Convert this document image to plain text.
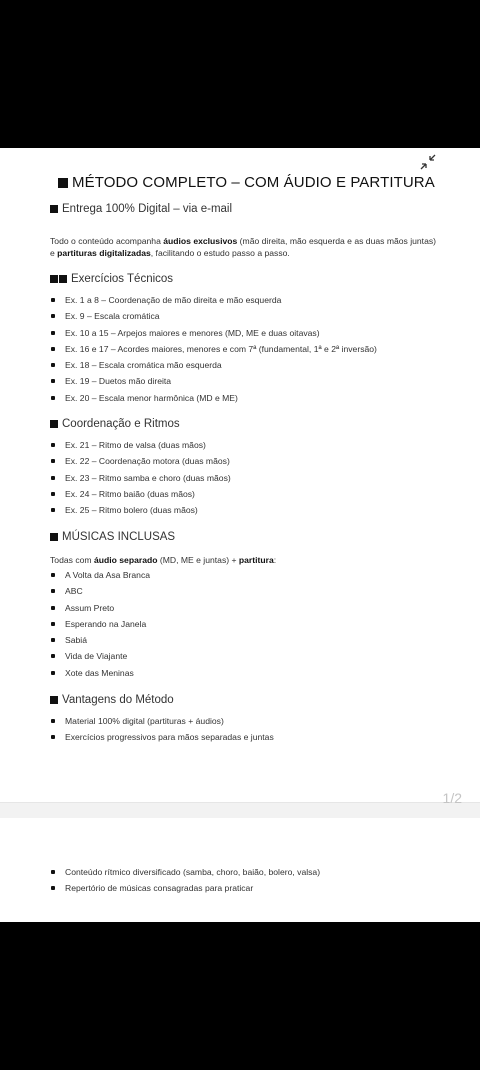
MÉTODO COMPLETO – COM ÁUDIO E PARTITURA
Entrega 100% Digital – via e-mail
Todo o conteúdo acompanha áudios exclusivos (mão direita, mão esquerda e as duas mãos juntas) e partituras digitalizadas, facilitando o estudo passo a passo.
Exercícios Técnicos
Ex. 1 a 8 – Coordenação de mão direita e mão esquerda
Ex. 9 – Escala cromática
Ex. 10 a 15 – Arpejos maiores e menores (MD, ME e duas oitavas)
Ex. 16 e 17 – Acordes maiores, menores e com 7ª (fundamental, 1ª e 2ª inversão)
Ex. 18 – Escala cromática mão esquerda
Ex. 19 – Duetos mão direita
Ex. 20 – Escala menor harmônica (MD e ME)
Coordenação e Ritmos
Ex. 21 – Ritmo de valsa (duas mãos)
Ex. 22 – Coordenação motora (duas mãos)
Ex. 23 – Ritmo samba e choro (duas mãos)
Ex. 24 – Ritmo baião (duas mãos)
Ex. 25 – Ritmo bolero (duas mãos)
MÚSICAS INCLUSAS
Todas com áudio separado (MD, ME e juntas) + partitura:
A Volta da Asa Branca
ABC
Assum Preto
Esperando na Janela
Sabiá
Vida de Viajante
Xote das Meninas
Vantagens do Método
Material 100% digital (partituras + áudios)
Exercícios progressivos para mãos separadas e juntas
1/2
Conteúdo rítmico diversificado (samba, choro, baião, bolero, valsa)
Repertório de músicas consagradas para praticar
